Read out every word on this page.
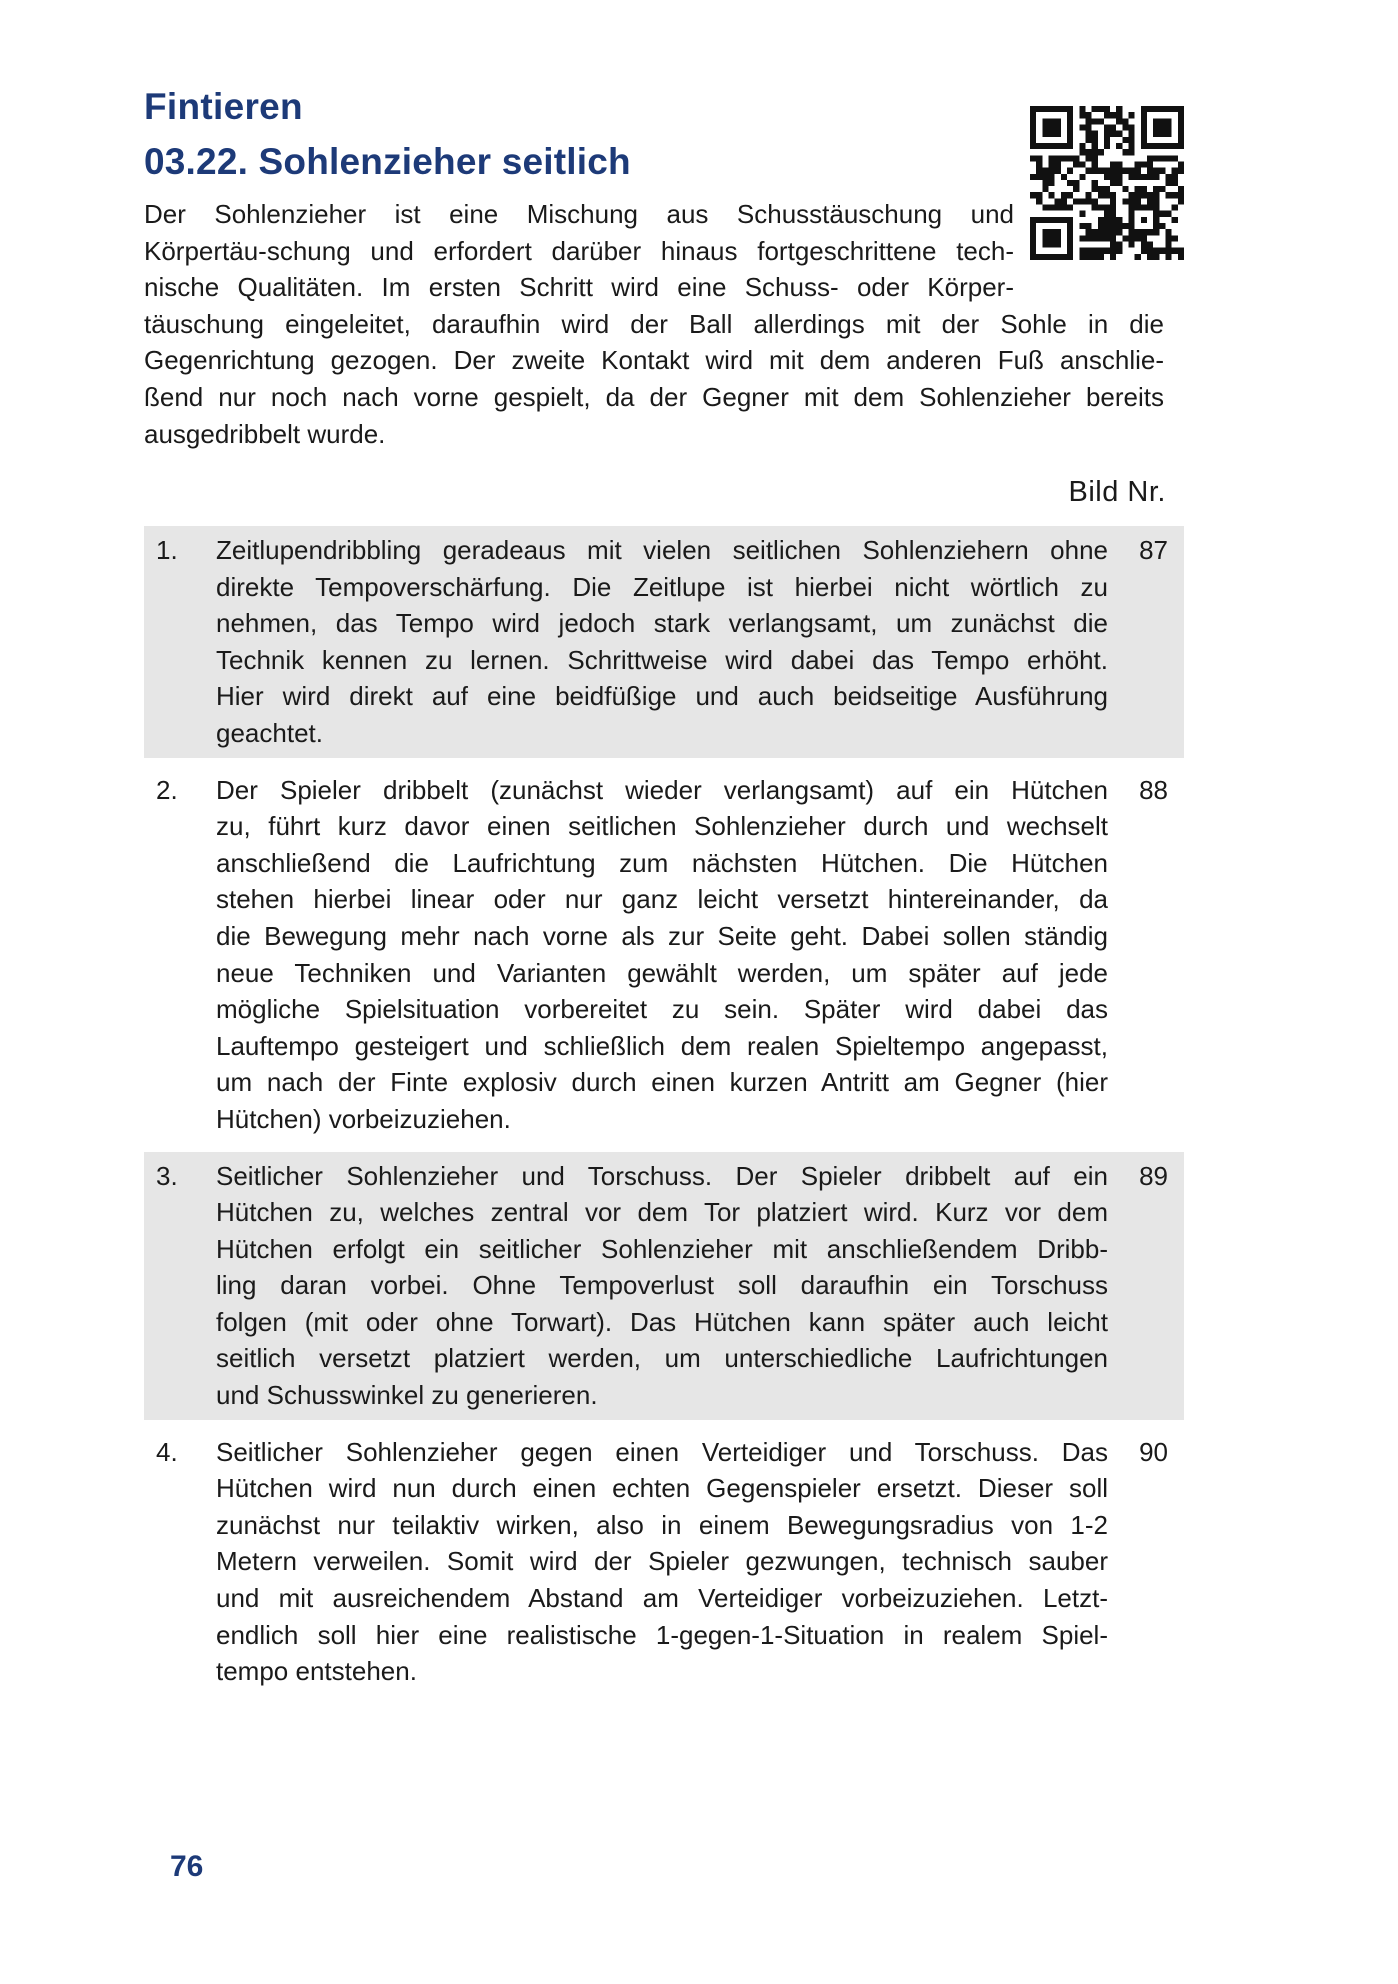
Fintieren
03.22. Sohlenzieher seitlich
Der Sohlenzieher ist eine Mischung aus Schusstäuschung und
Körpertäu-schung und erfordert darüber hinaus fortgeschrittene tech-
nische Qualitäten. Im ersten Schritt wird eine Schuss- oder Körper-
täuschung eingeleitet, daraufhin wird der Ball allerdings mit der Sohle in die
Gegenrichtung gezogen. Der zweite Kontakt wird mit dem anderen Fuß anschlie-
ßend nur noch nach vorne gespielt, da der Gegner mit dem Sohlenzieher bereits
ausgedribbelt wurde.
Bild Nr.
1. Zeitlupendribbling geradeaus mit vielen seitlichen Sohlenziehern ohne
direkte Tempoverschärfung. Die Zeitlupe ist hierbei nicht wörtlich zu
nehmen, das Tempo wird jedoch stark verlangsamt, um zunächst die
Technik kennen zu lernen. Schrittweise wird dabei das Tempo erhöht.
Hier wird direkt auf eine beidfüßige und auch beidseitige Ausführung
geachtet.
87
2. Der Spieler dribbelt (zunächst wieder verlangsamt) auf ein Hütchen
zu, führt kurz davor einen seitlichen Sohlenzieher durch und wechselt
anschließend die Laufrichtung zum nächsten Hütchen. Die Hütchen
stehen hierbei linear oder nur ganz leicht versetzt hintereinander, da
die Bewegung mehr nach vorne als zur Seite geht. Dabei sollen ständig
neue Techniken und Varianten gewählt werden, um später auf jede
mögliche Spielsituation vorbereitet zu sein. Später wird dabei das
Lauftempo gesteigert und schließlich dem realen Spieltempo angepasst,
um nach der Finte explosiv durch einen kurzen Antritt am Gegner (hier
Hütchen) vorbeizuziehen.
88
3. Seitlicher Sohlenzieher und Torschuss. Der Spieler dribbelt auf ein
Hütchen zu, welches zentral vor dem Tor platziert wird. Kurz vor dem
Hütchen erfolgt ein seitlicher Sohlenzieher mit anschließendem Dribb-
ling daran vorbei. Ohne Tempoverlust soll daraufhin ein Torschuss
folgen (mit oder ohne Torwart). Das Hütchen kann später auch leicht
seitlich versetzt platziert werden, um unterschiedliche Laufrichtungen
und Schusswinkel zu generieren.
89
4. Seitlicher Sohlenzieher gegen einen Verteidiger und Torschuss. Das
Hütchen wird nun durch einen echten Gegenspieler ersetzt. Dieser soll
zunächst nur teilaktiv wirken, also in einem Bewegungsradius von 1-2
Metern verweilen. Somit wird der Spieler gezwungen, technisch sauber
und mit ausreichendem Abstand am Verteidiger vorbeizuziehen. Letzt-
endlich soll hier eine realistische 1-gegen-1-Situation in realem Spiel-
tempo entstehen.
90
76
